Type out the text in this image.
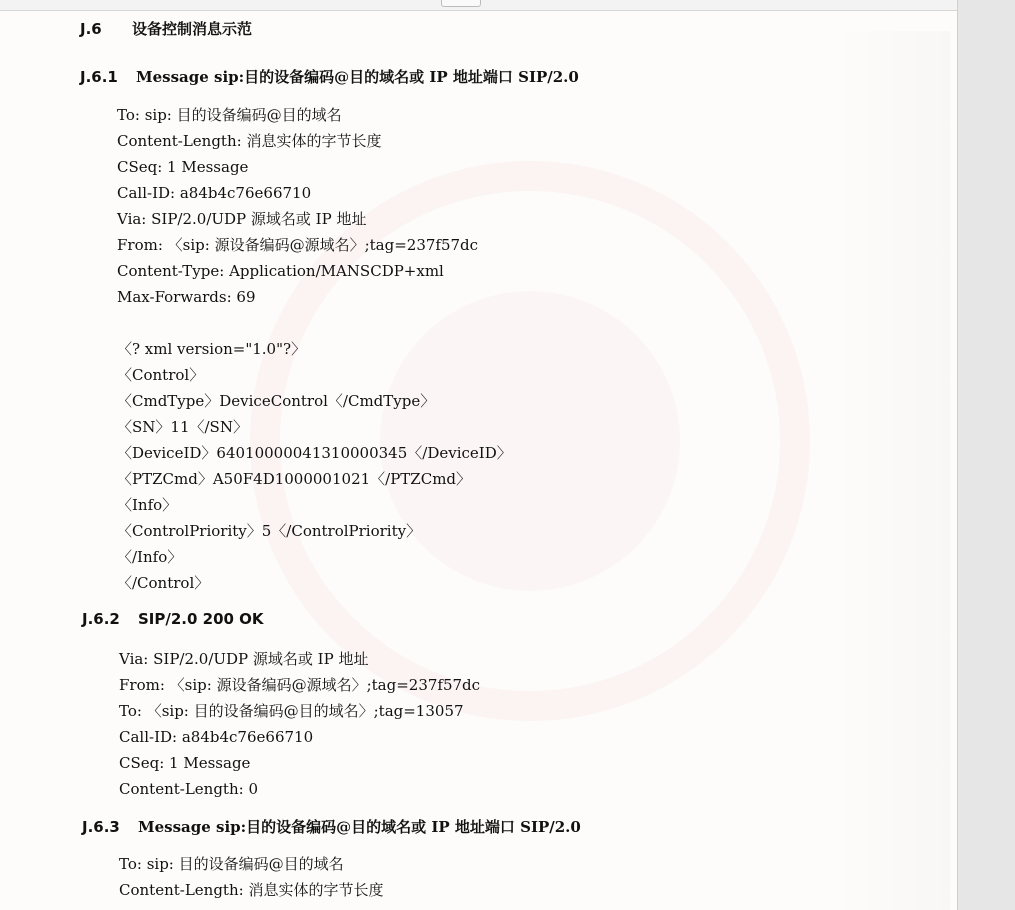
J.6 设备控制消息示范
J.6.1 Message sip:目的设备编码@目的域名或 IP 地址端口 SIP/2.0
To: sip: 目的设备编码@目的域名
Content-Length: 消息实体的字节长度
CSeq: 1 Message
Call-ID: a84b4c76e66710
Via: SIP/2.0/UDP 源域名或 IP 地址
From: 〈sip: 源设备编码@源域名〉;tag=237f57dc
Content-Type: Application/MANSCDP+xml
Max-Forwards: 69
〈? xml version="1.0"?〉
〈Control〉
〈CmdType〉DeviceControl〈/CmdType〉
〈SN〉11〈/SN〉
〈DeviceID〉64010000041310000345〈/DeviceID〉
〈PTZCmd〉A50F4D1000001021〈/PTZCmd〉
〈Info〉
〈ControlPriority〉5〈/ControlPriority〉
〈/Info〉
〈/Control〉
J.6.2 SIP/2.0 200 OK
Via: SIP/2.0/UDP 源域名或 IP 地址
From: 〈sip: 源设备编码@源域名〉;tag=237f57dc
To: 〈sip: 目的设备编码@目的域名〉;tag=13057
Call-ID: a84b4c76e66710
CSeq: 1 Message
Content-Length: 0
J.6.3 Message sip:目的设备编码@目的域名或 IP 地址端口 SIP/2.0
To: sip: 目的设备编码@目的域名
Content-Length: 消息实体的字节长度
